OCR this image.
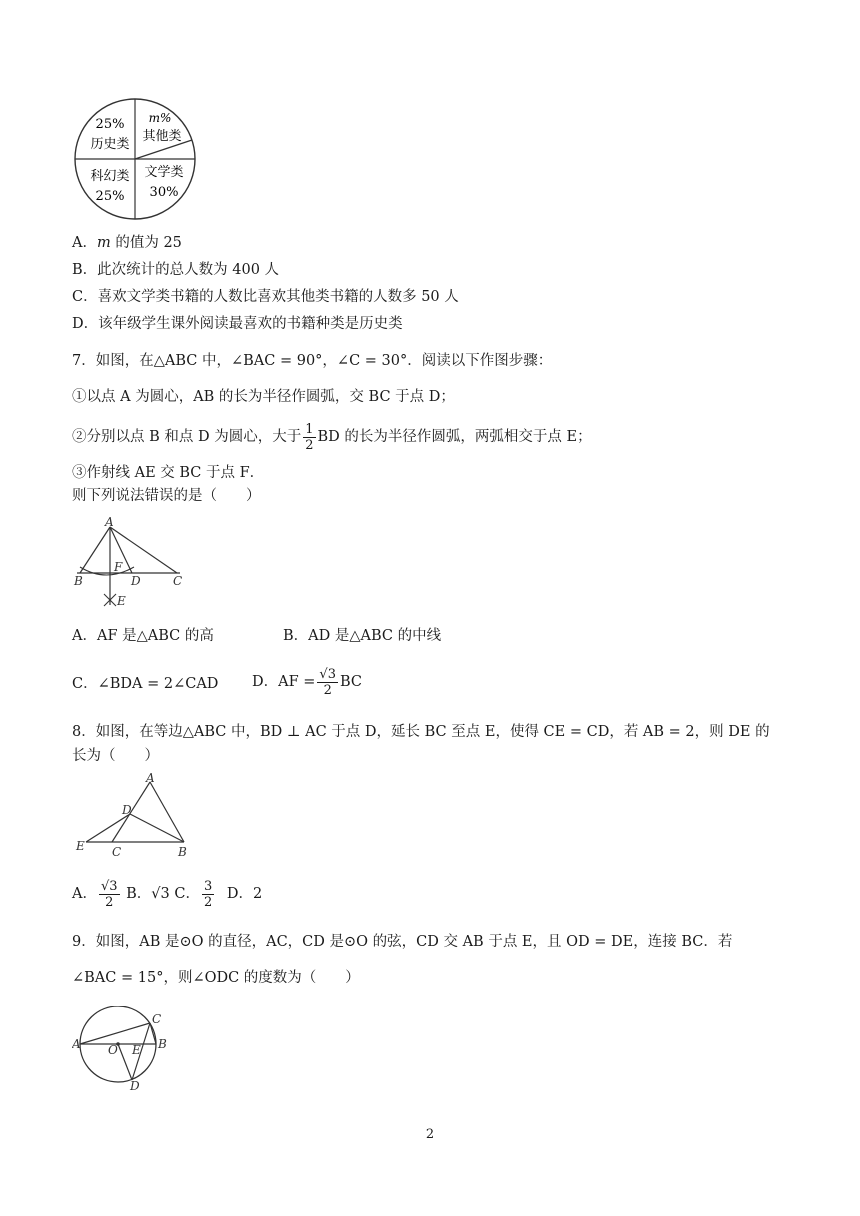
25%
历史类
m%
其他类
科幻类
25%
文学类
30%
A．m 的值为 25
B．此次统计的总人数为 400 人
C．喜欢文学类书籍的人数比喜欢其他类书籍的人数多 50 人
D．该年级学生课外阅读最喜欢的书籍种类是历史类
7．如图，在△ABC 中，∠BAC = 90°，∠C = 30°．阅读以下作图步骤：
①以点 A 为圆心，AB 的长为半径作圆弧，交 BC 于点 D；
②分别以点 B 和点 D 为圆心，大于 $\frac{1}{2}$ BD 的长为半径作圆弧，两弧相交于点 E；
③作射线 AE 交 BC 于点 F．
则下列说法错误的是（　　）
A
B	C
D
F
E
A．AF 是△ABC 的高	B．AD 是△ABC 的中线
C．∠BDA = 2∠CAD D．AF = $\frac{√3}{2}$ BC
8．如图，在等边△ABC 中，BD ⊥ AC 于点 D，延长 BC 至点 E，使得 CE = CD，若 AB = 2，则 DE 的
长为（　　）
A
D
E C	B
A． $\frac{√3}{2}$ B．√3 C． $\frac{3}{2}$ D．2
9．如图，AB 是⊙O 的直径，AC，CD 是⊙O 的弦，CD 交 AB 于点 E，且 OD = DE，连接 BC．若
∠BAC = 15°，则∠ODC 的度数为（　　）
A	B
C
D
E
O
2
